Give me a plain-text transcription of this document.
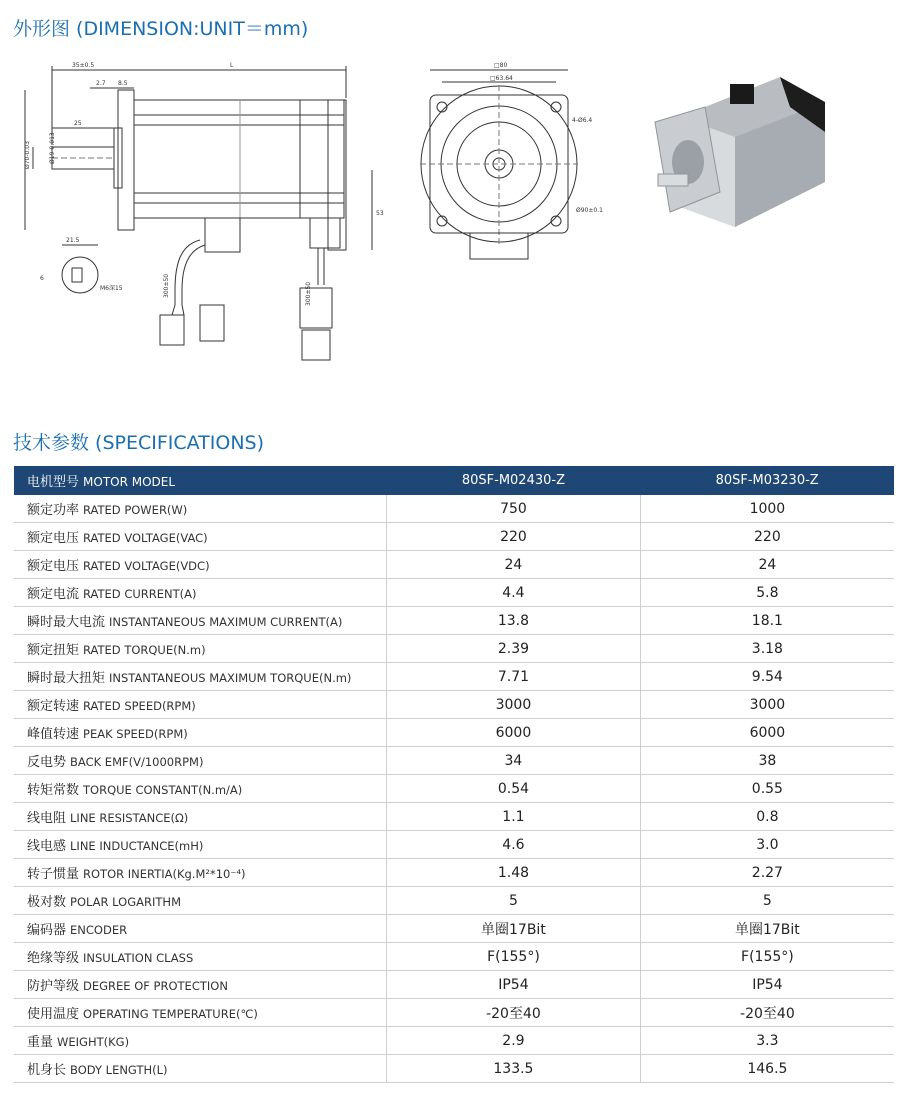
外形图 (DIMENSION:UNIT＝mm)
35±0.5	L
2.7 8.5
25
21.5
M6深15
53
Ø70-0.03	Ø19-0.013
6	300±50	300±50
□80
□63.64
4-Ø6.4
Ø90±0.1
技术参数 (SPECIFICATIONS)
电机型号 MOTOR MODEL	80SF-M02430-Z	80SF-M03230-Z
额定功率 RATED POWER(W)	750	1000
额定电压 RATED VOLTAGE(VAC)	220	220
额定电压 RATED VOLTAGE(VDC)	24	24
额定电流 RATED CURRENT(A)	4.4	5.8
瞬时最大电流 INSTANTANEOUS MAXIMUM CURRENT(A)	13.8	18.1
额定扭矩 RATED TORQUE(N.m)	2.39	3.18
瞬时最大扭矩 INSTANTANEOUS MAXIMUM TORQUE(N.m)	7.71	9.54
额定转速 RATED SPEED(RPM)	3000	3000
峰值转速 PEAK SPEED(RPM)	6000	6000
反电势 BACK EMF(V/1000RPM)	34	38
转矩常数 TORQUE CONSTANT(N.m/A)	0.54	0.55
线电阻 LINE RESISTANCE(Ω)	1.1	0.8
线电感 LINE INDUCTANCE(mH)	4.6	3.0
转子惯量 ROTOR INERTIA(Kg.M²*10⁻⁴)	1.48	2.27
极对数 POLAR LOGARITHM	5	5
编码器 ENCODER	单圈17Bit	单圈17Bit
绝缘等级 INSULATION CLASS	F(155°)	F(155°)
防护等级 DEGREE OF PROTECTION	IP54	IP54
使用温度 OPERATING TEMPERATURE(℃)	-20至40	-20至40
重量 WEIGHT(KG)	2.9	3.3
机身长 BODY LENGTH(L)	133.5	146.5
